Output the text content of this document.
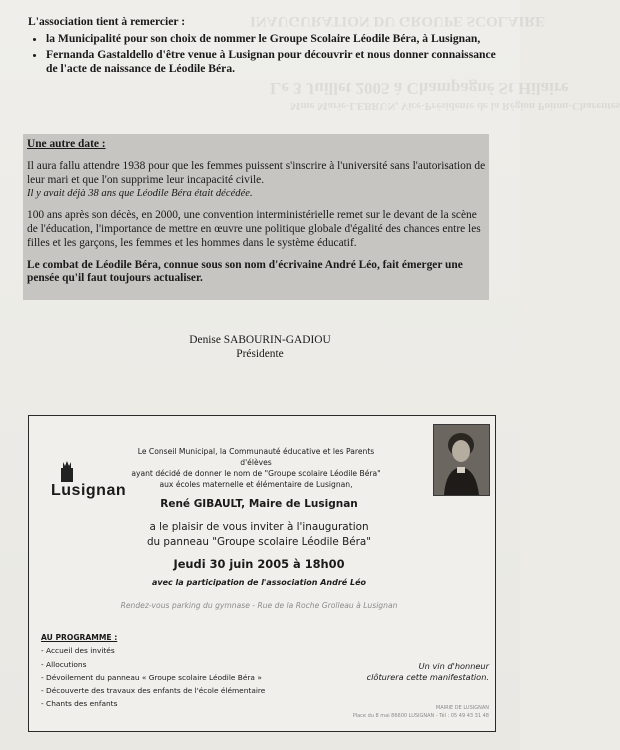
INAUGURATION DU GROUPE SCOLAIRE
Le 3 Juillet 2005 à Champagné St Hilaire
Mme Marie-LEBRUN, Vice-Présidente de la Région Poitou-Charentes
L'association tient à remercier :
• la Municipalité pour son choix de nommer le Groupe Scolaire Léodile Béra, à Lusignan,
• Fernanda Gastaldello d'être venue à Lusignan pour découvrir et nous donner connaissance de l'acte de naissance de Léodile Béra.
Une autre date :

Il aura fallu attendre 1938 pour que les femmes puissent s'inscrire à l'université sans l'autorisation de leur mari et que l'on supprime leur incapacité civile.

Il y avait déjà 38 ans que Léodile Béra était décédée.

100 ans après son décès, en 2000, une convention interministérielle remet sur le devant de la scène de l'éducation, l'importance de mettre en œuvre une politique globale d'égalité des chances entre les filles et les garçons, les femmes et les hommes dans le système éducatif.

Le combat de Léodile Béra, connue sous son nom d'écrivaine André Léo, fait émerger une pensée qu'il faut toujours actualiser.

Denise SABOURIN-GADIOU
Présidente
Lusignan
Le Conseil Municipal, la Communauté éducative et les Parents d'élèves
ayant décidé de donner le nom de "Groupe scolaire Léodile Béra"
aux écoles maternelle et élémentaire de Lusignan,
René GIBAULT, Maire de Lusignan
a le plaisir de vous inviter à l'inauguration
du panneau "Groupe scolaire Léodile Béra"
Jeudi 30 juin 2005 à 18h00
avec la participation de l'association André Léo
Rendez-vous parking du gymnase - Rue de la Roche Grolleau à Lusignan
AU PROGRAMME :
- Accueil des invités
- Allocutions
- Dévoilement du panneau « Groupe scolaire Léodile Béra »
- Découverte des travaux des enfants de l'école élémentaire
- Chants des enfants
Un vin d'honneur
clôturera cette manifestation.
MAIRIE DE LUSIGNAN
Place du 8 mai 86600 LUSIGNAN - Tél : 05 49 43 31 48
